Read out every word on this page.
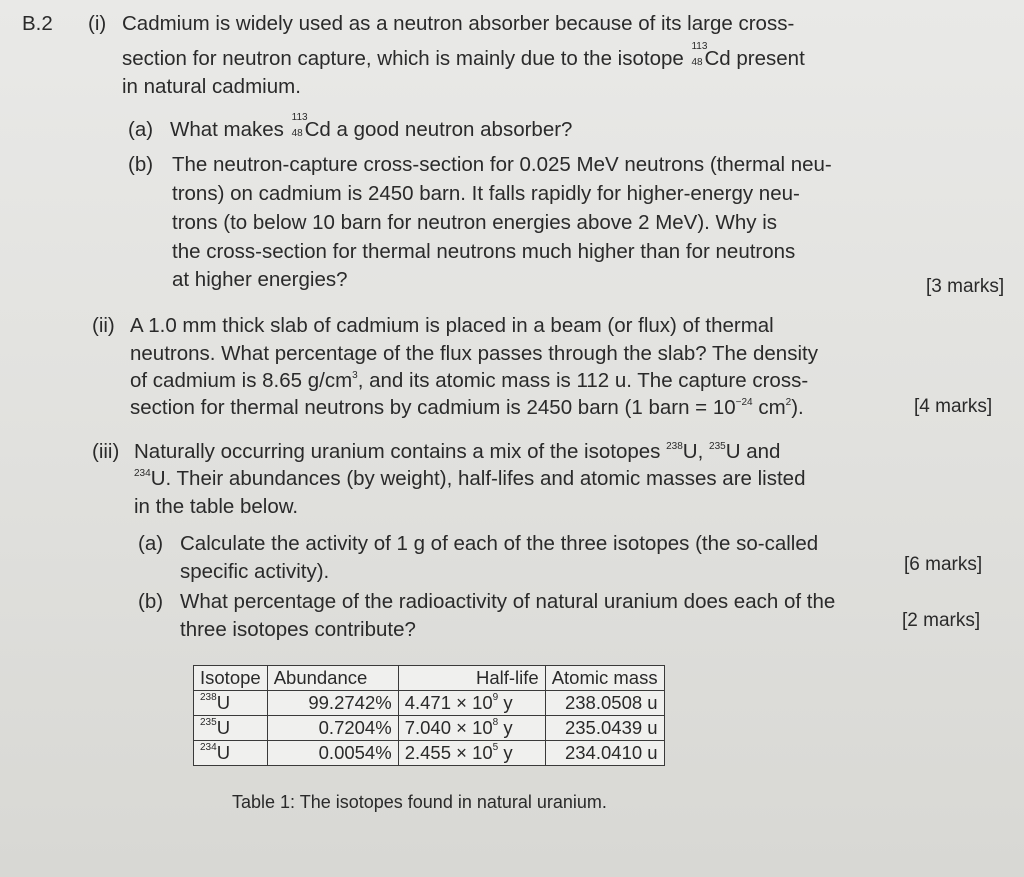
B.2 (i) Cadmium is widely used as a neutron absorber because of its large cross-
section for neutron capture, which is mainly due to the isotope
113
48 Cd present
in natural cadmium.
(a) What makes
113
48 Cd a good neutron absorber?
(b) The neutron-capture cross-section for 0.025 MeV neutrons (thermal neu-
trons) on cadmium is 2450 barn. It falls rapidly for higher-energy neu-
trons (to below 10 barn for neutron energies above 2 MeV). Why is
the cross-section for thermal neutrons much higher than for neutrons
at higher energies?	[3 marks]
(ii) A 1.0 mm thick slab of cadmium is placed in a beam (or flux) of thermal
neutrons. What percentage of the flux passes through the slab? The density
of cadmium is 8.65 $g/cm^3$, and its atomic mass is 112 u. The capture cross-
section for thermal neutrons by cadmium is 2450 barn (1 barn = $10^{-24}$ $cm^2$).	[4 marks]
(iii) Naturally occurring uranium contains a mix of the isotopes $^{238}$U, $^{235}$U and
$^{234}$U. Their abundances (by weight), half-lifes and atomic masses are listed
in the table below.
(a) Calculate the activity of 1 g of each of the three isotopes (the so-called
specific activity).	[6 marks]
(b) What percentage of the radioactivity of natural uranium does each of the
three isotopes contribute?	[2 marks]
Isotope	Abundance	Half-life	Atomic mass
$^{238}$U	99.2742%	$4.471 \times 10^9$ y	238.0508 u
$^{235}$U	0.7204%	$7.040 \times 10^8$ y	235.0439 u
$^{234}$U	0.0054%	$2.455 \times 10^5$ y	234.0410 u
Table 1: The isotopes found in natural uranium.
